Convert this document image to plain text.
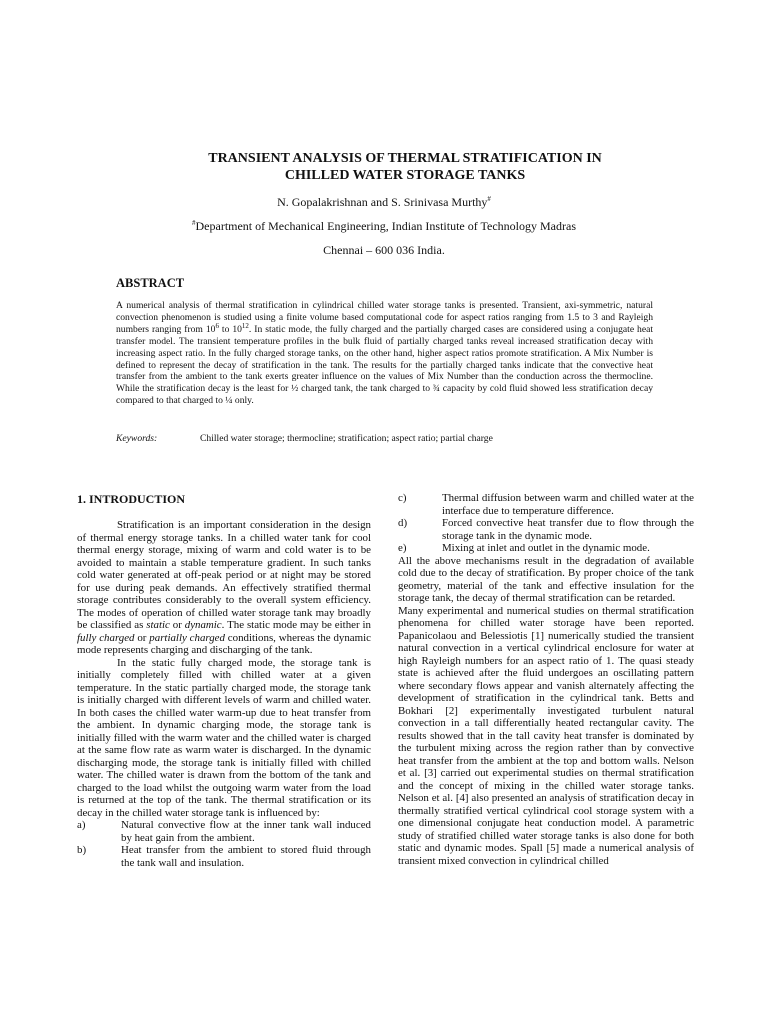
TRANSIENT ANALYSIS OF THERMAL STRATIFICATION IN
CHILLED WATER STORAGE TANKS
N. Gopalakrishnan and S. Srinivasa Murthy#
#Department of Mechanical Engineering, Indian Institute of Technology Madras
Chennai – 600 036 India.
ABSTRACT
A numerical analysis of thermal stratification in cylindrical chilled water storage tanks is presented. Transient, axi-symmetric, natural convection phenomenon is studied using a finite volume based computational code for aspect ratios ranging from 1.5 to 3 and Rayleigh numbers ranging from $10^6$ to $10^{12}$. In static mode, the fully charged and the partially charged cases are considered using a conjugate heat transfer model. The transient temperature profiles in the bulk fluid of partially charged tanks reveal increased stratification decay with increasing aspect ratio. In the fully charged storage tanks, on the other hand, higher aspect ratios promote stratification. A Mix Number is defined to represent the decay of stratification in the tank. The results for the partially charged tanks indicate that the convective heat transfer from the ambient to the tank exerts greater influence on the values of Mix Number than the conduction across the thermocline. While the stratification decay is the least for ½ charged tank, the tank charged to ¾ capacity by cold fluid showed less stratification decay compared to that charged to ¼ only.
Keywords:	Chilled water storage; thermocline; stratification; aspect ratio; partial charge
1. INTRODUCTION

Stratification is an important consideration in the design of thermal energy storage tanks. In a chilled water tank for cool thermal energy storage, mixing of warm and cold water is to be avoided to maintain a stable temperature gradient. In such tanks cold water generated at off-peak period or at night may be stored for use during peak demands. An effectively stratified thermal storage contributes considerably to the overall system efficiency. The modes of operation of chilled water storage tank may broadly be classified as static or dynamic. The static mode may be either in fully charged or partially charged conditions, whereas the dynamic mode represents charging and discharging of the tank.

In the static fully charged mode, the storage tank is initially completely filled with chilled water at a given temperature. In the static partially charged mode, the storage tank is initially charged with different levels of warm and chilled water. In both cases the chilled water warm-up due to heat transfer from the ambient. In dynamic charging mode, the storage tank is initially filled with the warm water and the chilled water is charged at the same flow rate as warm water is discharged. In the dynamic discharging mode, the storage tank is initially filled with chilled water. The chilled water is drawn from the bottom of the tank and charged to the load whilst the outgoing warm water from the load is returned at the top of the tank. The thermal stratification or its decay in the chilled water storage tank is influenced by:

a)	Natural convective flow at the inner tank wall induced by heat gain from the ambient.
b)	Heat transfer from the ambient to stored fluid through the tank wall and insulation.
c)	Thermal diffusion between warm and chilled water at the interface due to temperature difference.
d)	Forced convective heat transfer due to flow through the storage tank in the dynamic mode.
e)	Mixing at inlet and outlet in the dynamic mode.

All the above mechanisms result in the degradation of available cold due to the decay of stratification. By proper choice of the tank geometry, material of the tank and effective insulation for the storage tank, the decay of thermal stratification can be retarded.

Many experimental and numerical studies on thermal stratification phenomena for chilled water storage have been reported. Papanicolaou and Belessiotis [1] numerically studied the transient natural convection in a vertical cylindrical enclosure for water at high Rayleigh numbers for an aspect ratio of 1. The quasi steady state is achieved after the fluid undergoes an oscillating pattern where secondary flows appear and vanish alternately affecting the development of stratification in the cylindrical tank. Betts and Bokhari [2] experimentally investigated turbulent natural convection in a tall differentially heated rectangular cavity. The results showed that in the tall cavity heat transfer is dominated by the turbulent mixing across the region rather than by convective heat transfer from the ambient at the top and bottom walls. Nelson et al. [3] carried out experimental studies on thermal stratification and the concept of mixing in the chilled water storage tanks. Nelson et al. [4] also presented an analysis of stratification decay in thermally stratified vertical cylindrical cool storage system with a one dimensional conjugate heat conduction model. A parametric study of stratified chilled water storage tanks is also done for both static and dynamic modes. Spall [5] made a numerical analysis of transient mixed convection in cylindrical chilled
